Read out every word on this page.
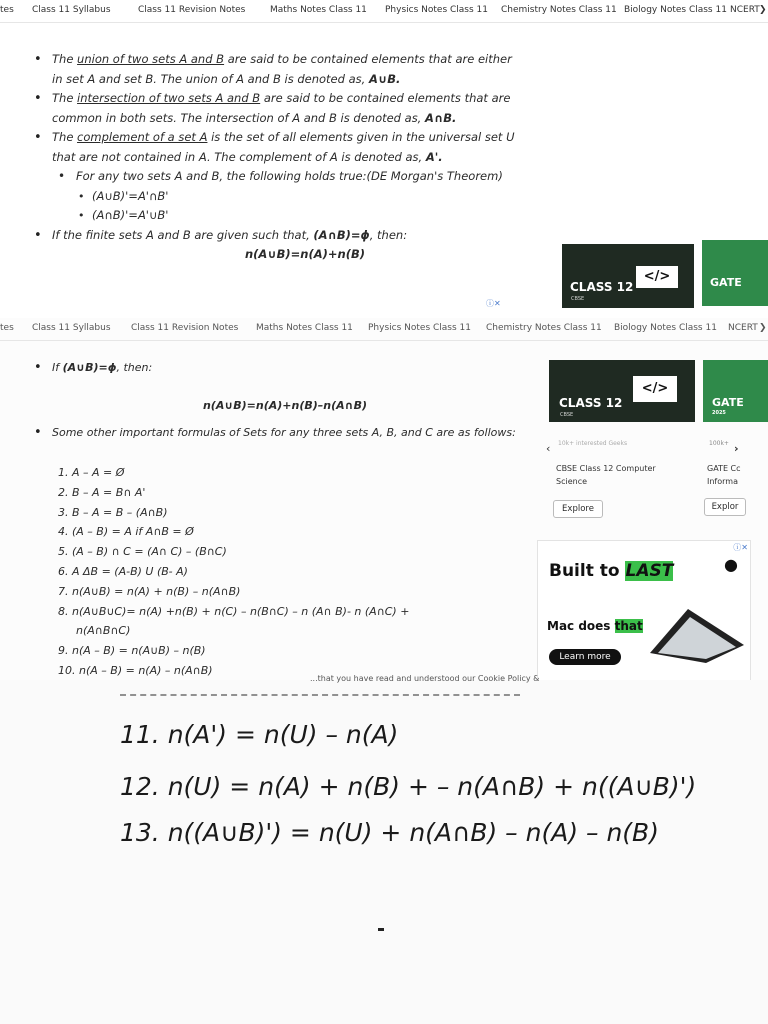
tes Class 11 Syllabus	Class 11 Revision Notes	Maths Notes Class 11 Physics Notes Class 11 Chemistry Notes Class 11 Biology Notes Class 11 NCERT ❯
• The union of two sets A and B are said to be contained elements that are either in set A and set B. The union of A and B is denoted as, A∪B.
• The intersection of two sets A and B are said to be contained elements that are common in both sets. The intersection of A and B is denoted as, A∩B.
• The complement of a set A is the set of all elements given in the universal set U that are not contained in A. The complement of A is denoted as, A'.
• For any two sets A and B, the following holds true:(DE Morgan's Theorem)
• (A∪B)'=A'∩B'
• (A∩B)'=A'∪B'
• If the finite sets A and B are given such that, (A∩B)=ϕ, then:
n(A∪B)=n(A)+n(B)
CLASS 12
CBSE
</>	GATE
ⓘ✕
tes Class 11 Syllabus Class 11 Revision Notes Maths Notes Class 11 Physics Notes Class 11 Chemistry Notes Class 11 Biology Notes Class 11 NCERT ❯
• If (A∪B)=ϕ, then:
n(A∪B)=n(A)+n(B)–n(A∩B)
• Some other important formulas of Sets for any three sets A, B, and C are as follows:
1. A – A = Ø
2. B – A = B∩ A'
3. B – A = B – (A∩B)
4. (A – B) = A if A∩B = Ø
5. (A – B) ∩ C = (A∩ C) – (B∩C)
6. A ΔB = (A-B) U (B- A)
7. n(A∪B) = n(A) + n(B) – n(A∩B)
8. n(A∪B∪C)= n(A) +n(B) + n(C) – n(B∩C) – n (A∩ B)- n (A∩C) +
n(A∩B∩C)
9. n(A – B) = n(A∪B) – n(B)
10. n(A – B) = n(A) – n(A∩B)
CLASS 12
CBSE
</>
GATE
2025
‹ 10k+ interested Geeks	100k+ ›
CBSE Class 12 Computer Science
GATE Cc Informa
Explore	Explor
ⓘ✕
Built to LAST	●
Mac does that
Learn more
...that you have read and understood our Cookie Policy &
11. n(A') = n(U) – n(A)
12. n(U) = n(A) + n(B) + – n(A∩B) + n((A∪B)')
13. n((A∪B)') = n(U) + n(A∩B) – n(A) – n(B)
